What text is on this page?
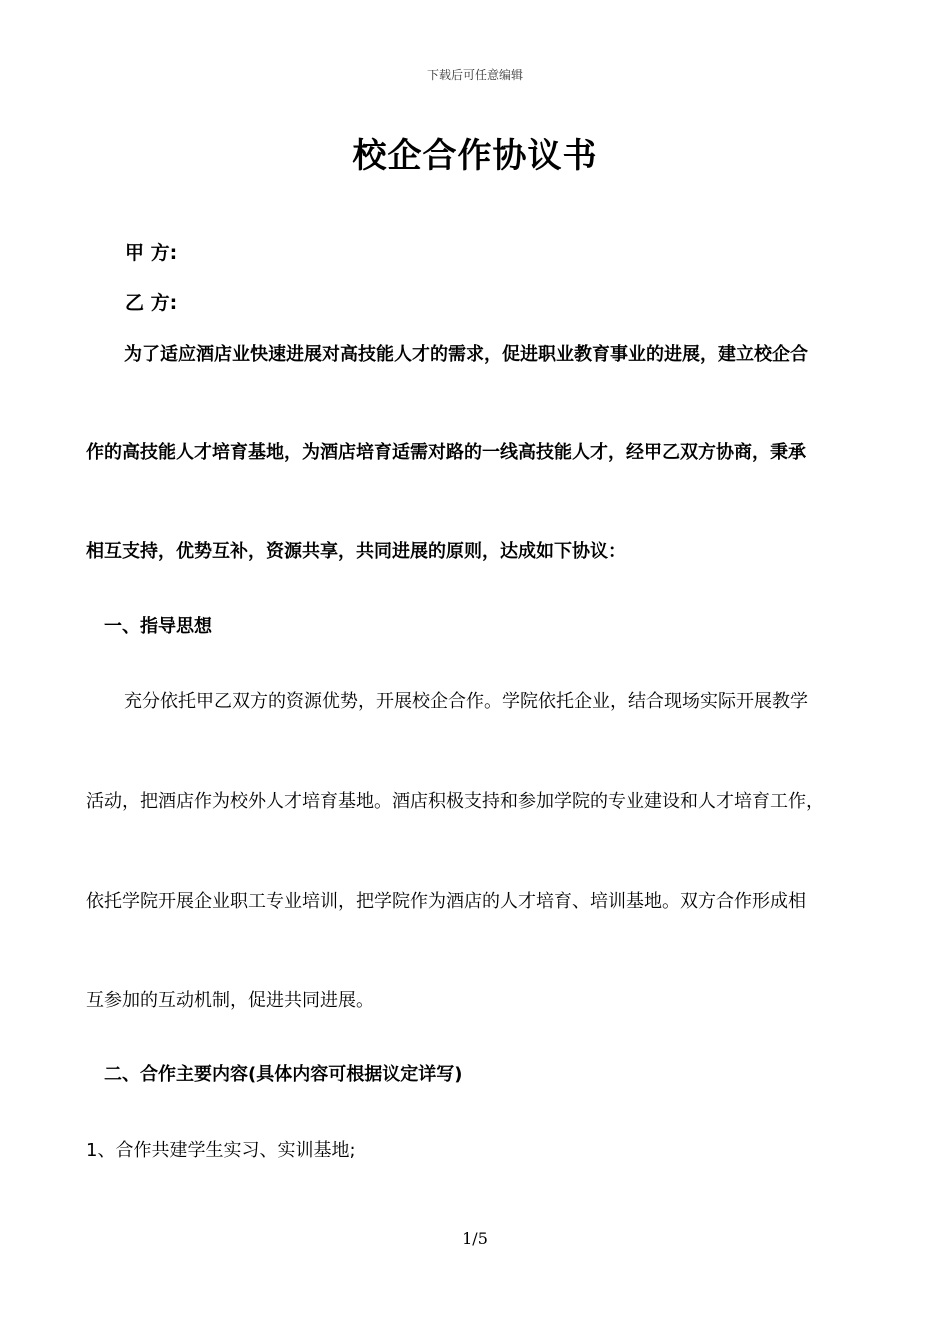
下载后可任意编辑
校企合作协议书
甲 方:
乙 方:
为了适应酒店业快速进展对高技能人才的需求，促进职业教育事业的进展，建立校企合
作的高技能人才培育基地，为酒店培育适需对路的一线高技能人才，经甲乙双方协商，秉承
相互支持，优势互补，资源共享，共同进展的原则，达成如下协议：
一、指导思想
充分依托甲乙双方的资源优势，开展校企合作。学院依托企业，结合现场实际开展教学
活动，把酒店作为校外人才培育基地。酒店积极支持和参加学院的专业建设和人才培育工作，
依托学院开展企业职工专业培训，把学院作为酒店的人才培育、培训基地。双方合作形成相
互参加的互动机制，促进共同进展。
二、合作主要内容(具体内容可根据议定详写)
1、合作共建学生实习、实训基地;
1/5
